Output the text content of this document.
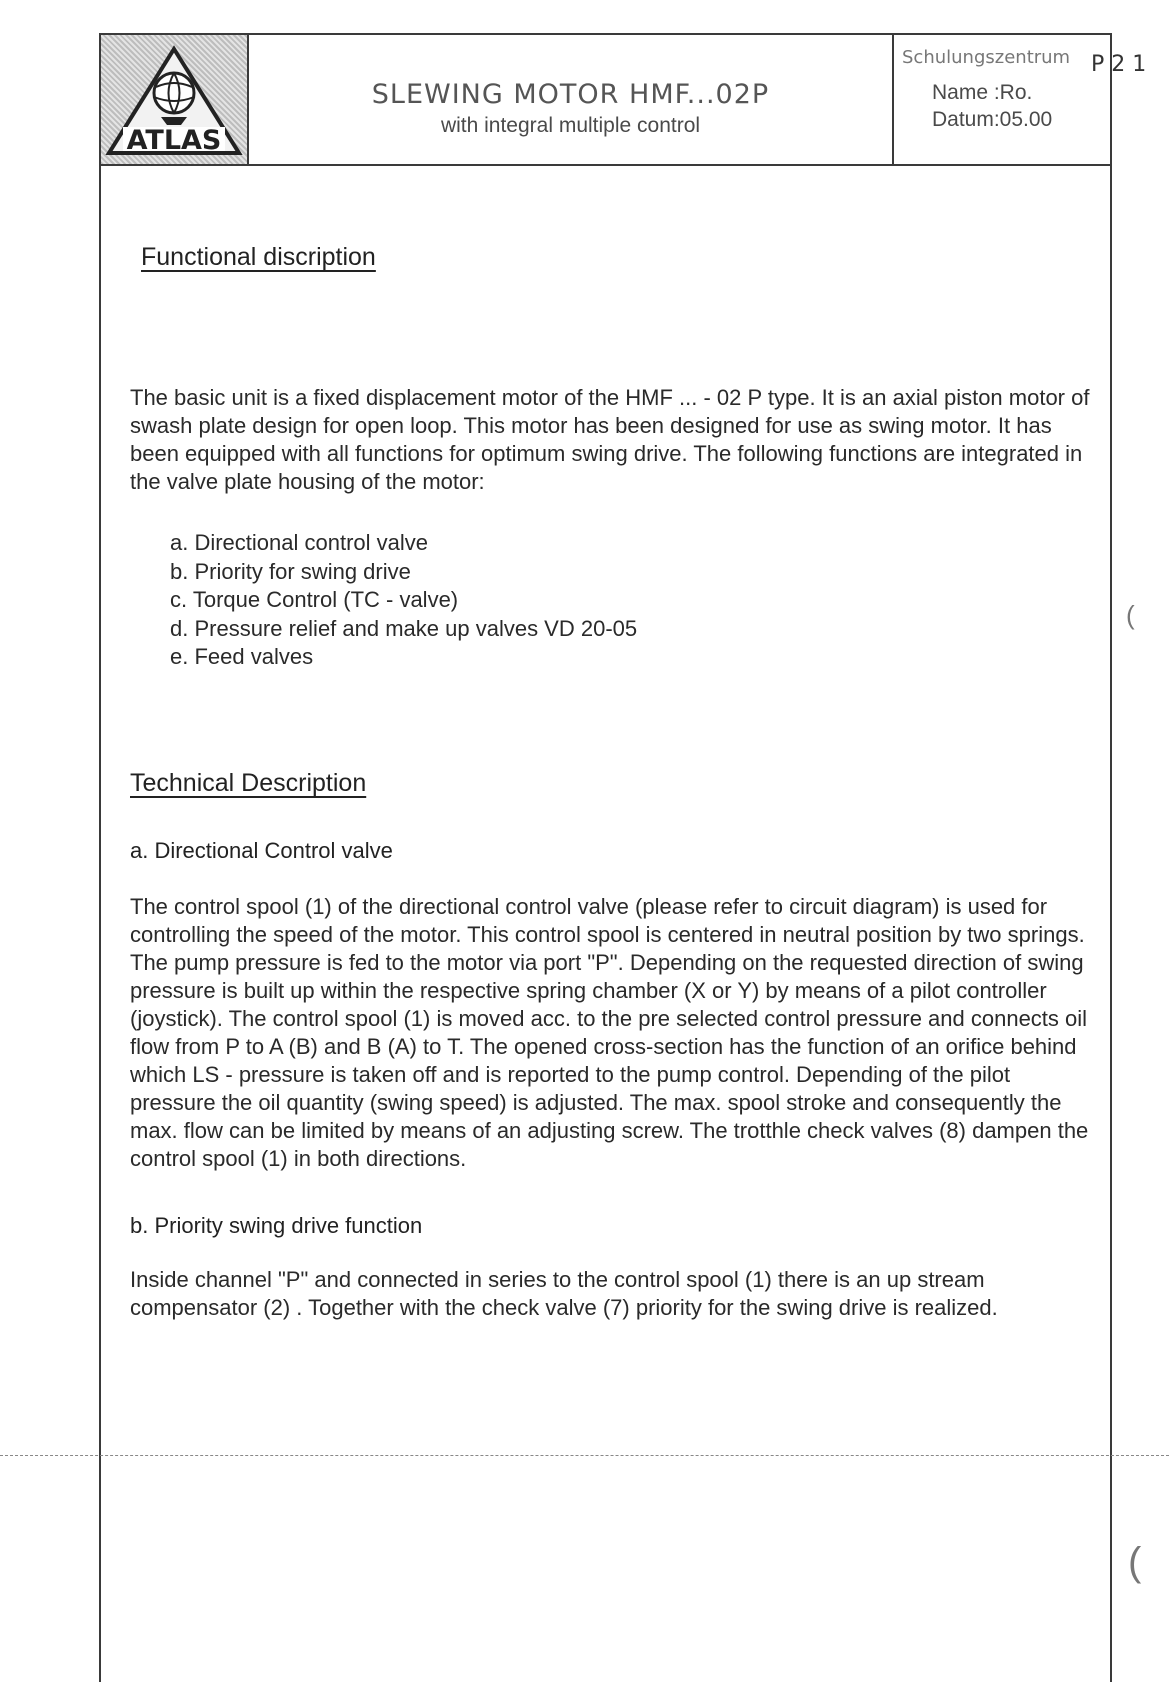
ATLAS
SLEWING MOTOR HMF...02P
with integral multiple control
Schulungszentrum
Name :Ro.
Datum:05.00
P 2 1
Functional discription

The basic unit is a fixed displacement motor of the HMF ... - 02 P type. It is an axial piston motor of swash plate design for open loop. This motor has been designed for use as swing motor. It has been equipped with all functions for optimum swing drive. The following functions are integrated in the valve plate housing of the motor:

a. Directional control valve
b. Priority for swing drive
c. Torque Control (TC - valve)
d. Pressure relief and make up valves VD 20-05
e. Feed valves
Technical Description
a. Directional Control valve

The control spool (1) of the directional control valve (please refer to circuit diagram) is used for controlling the speed of the motor. This control spool is centered in neutral position by two springs. The pump pressure is fed to the motor via port "P". Depending on the requested direction of swing pressure is built up within the respective spring chamber (X or Y) by means of a pilot controller (joystick). The control spool (1) is moved acc. to the pre selected control pressure and connects oil flow from P to A (B) and B (A) to T. The opened cross-section has the function of an orifice behind which LS - pressure is taken off and is reported to the pump control. Depending of the pilot pressure the oil quantity (swing speed) is adjusted. The max. spool stroke and consequently the max. flow can be limited by means of an adjusting screw. The trotthle check valves (8) dampen the control spool (1) in both directions.

b. Priority swing drive function

Inside channel "P" and connected in series to the control spool (1) there is an up stream compensator (2) . Together with the check valve (7) priority for the swing drive is realized.

(
(
